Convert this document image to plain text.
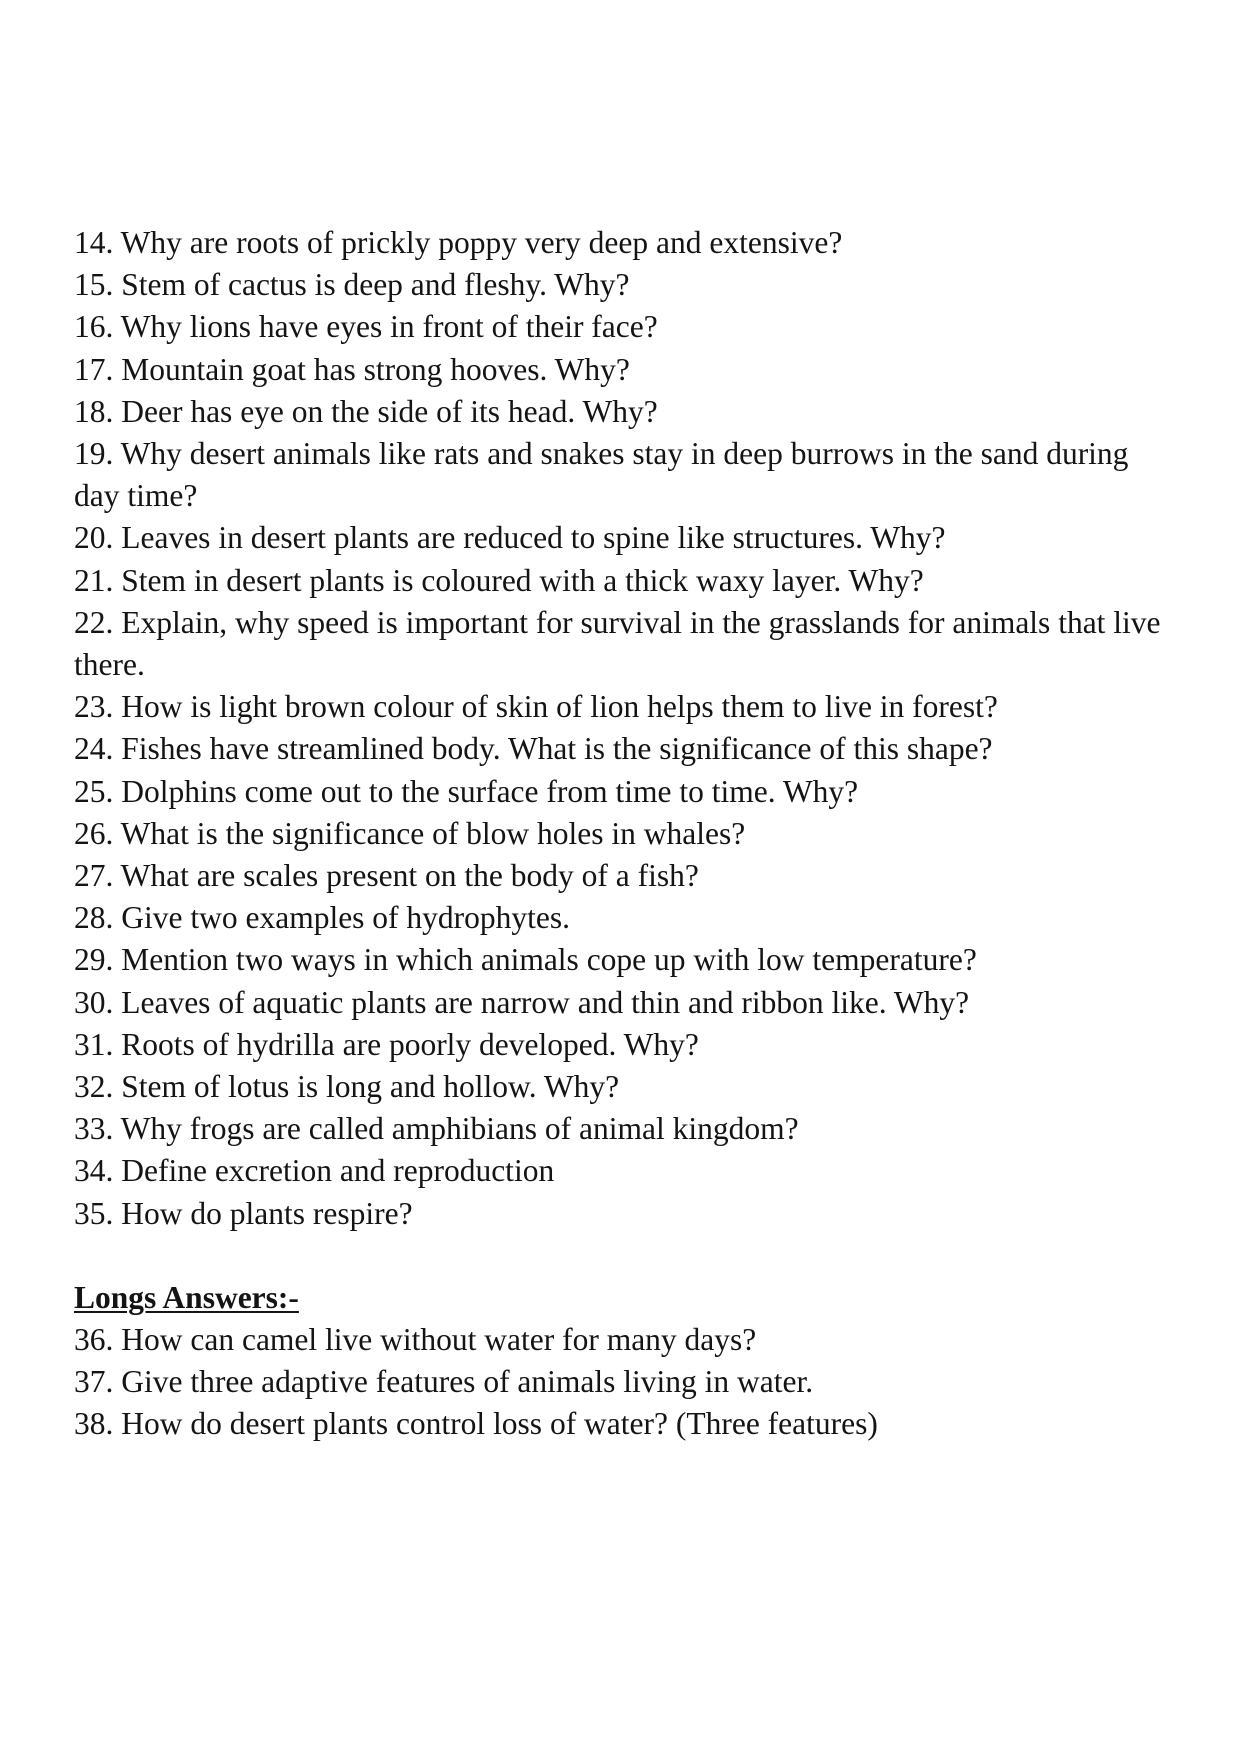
14. Why are roots of prickly poppy very deep and extensive?

15. Stem of cactus is deep and fleshy. Why?

16. Why lions have eyes in front of their face?

17. Mountain goat has strong hooves. Why?

18. Deer has eye on the side of its head. Why?

19. Why desert animals like rats and snakes stay in deep burrows in the sand during day time?

20. Leaves in desert plants are reduced to spine like structures. Why?

21. Stem in desert plants is coloured with a thick waxy layer. Why?

22. Explain, why speed is important for survival in the grasslands for animals that live there.

23. How is light brown colour of skin of lion helps them to live in forest?

24. Fishes have streamlined body. What is the significance of this shape?

25. Dolphins come out to the surface from time to time. Why?

26. What is the significance of blow holes in whales?

27. What are scales present on the body of a fish?

28. Give two examples of hydrophytes.

29. Mention two ways in which animals cope up with low temperature?

30. Leaves of aquatic plants are narrow and thin and ribbon like. Why?

31. Roots of hydrilla are poorly developed. Why?

32. Stem of lotus is long and hollow. Why?

33. Why frogs are called amphibians of animal kingdom?

34. Define excretion and reproduction

35. How do plants respire?

Longs Answers:-

36. How can camel live without water for many days?

37. Give three adaptive features of animals living in water.

38. How do desert plants control loss of water? (Three features)
